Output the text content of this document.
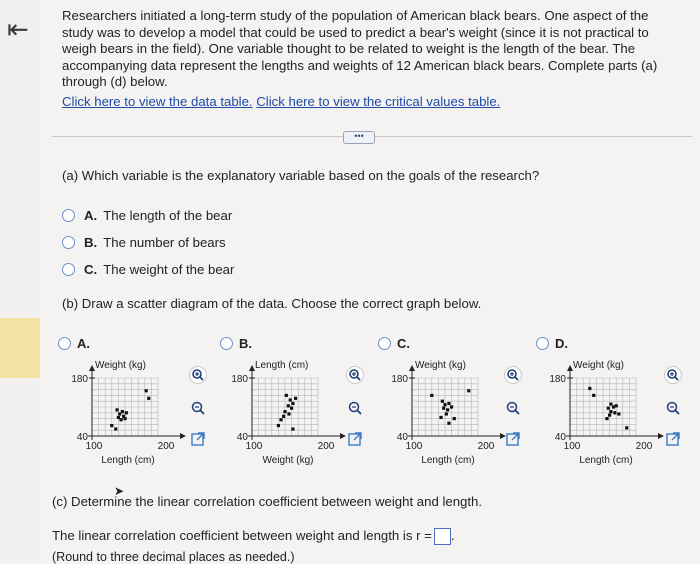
⇤	Researchers initiated a long-term study of the population of American black bears. One aspect of the study was to develop a model that could be used to predict a bear's weight (since it is not practical to weigh bears in the field). One variable thought to be related to weight is the length of the bear. The accompanying data represent the lengths and weights of 12 American black bears. Complete parts (a) through (d) below.
Click here to view the data table. Click here to view the critical values table.
•••
(a) Which variable is the explanatory variable based on the goals of the research?
A. The length of the bear
B. The number of bears
C. The weight of the bear
(b) Draw a scatter diagram of the data. Choose the correct graph below.
A.	B.	C.	D.
Weight (kg)
180
40
100	200
Length (cm)
Length (cm)
180
40
100	200
Weight (kg)
Weight (kg)
180
40
100	200
Length (cm)
Weight (kg)
180
40
100	200
Length (cm)
➤
(c) Determine the linear correlation coefficient between weight and length.
The linear correlation coefficient between weight and length is r = .
(Round to three decimal places as needed.)
